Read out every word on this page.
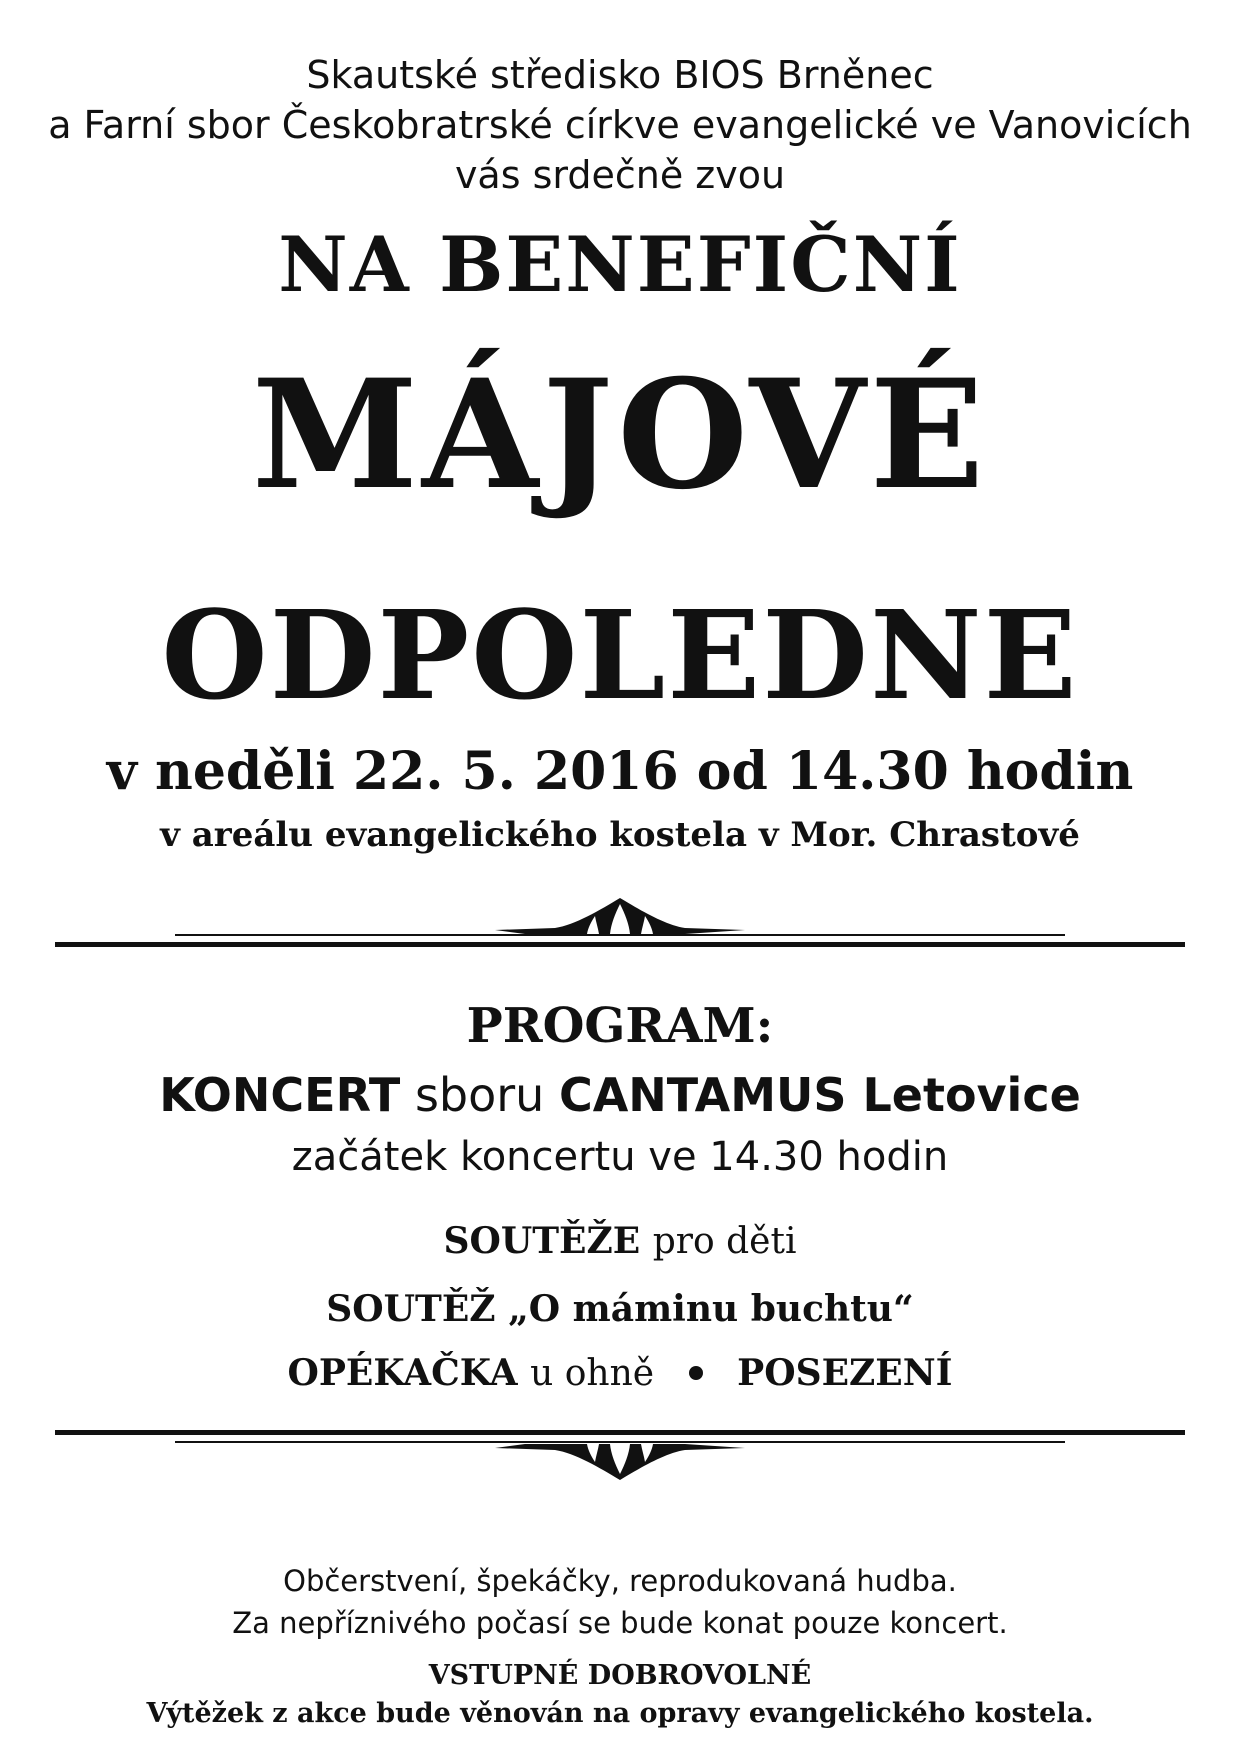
Skautské středisko BIOS Brněnec
a Farní sbor Českobratrské církve evangelické ve Vanovicích
vás srdečně zvou
NA BENEFIČNÍ
MÁJOVÉ
ODPOLEDNE
v neděli 22. 5. 2016 od 14.30 hodin
v areálu evangelického kostela v Mor. Chrastové
PROGRAM:
KONCERT sboru CANTAMUS Letovice
začátek koncertu ve 14.30 hodin
SOUTĚŽE pro děti
SOUTĚŽ „O máminu buchtu“
OPÉKAČKA u ohně POSEZENÍ
Občerstvení, špekáčky, reprodukovaná hudba.
Za nepříznivého počasí se bude konat pouze koncert.
VSTUPNÉ DOBROVOLNÉ
Výtěžek z akce bude věnován na opravy evangelického kostela.
